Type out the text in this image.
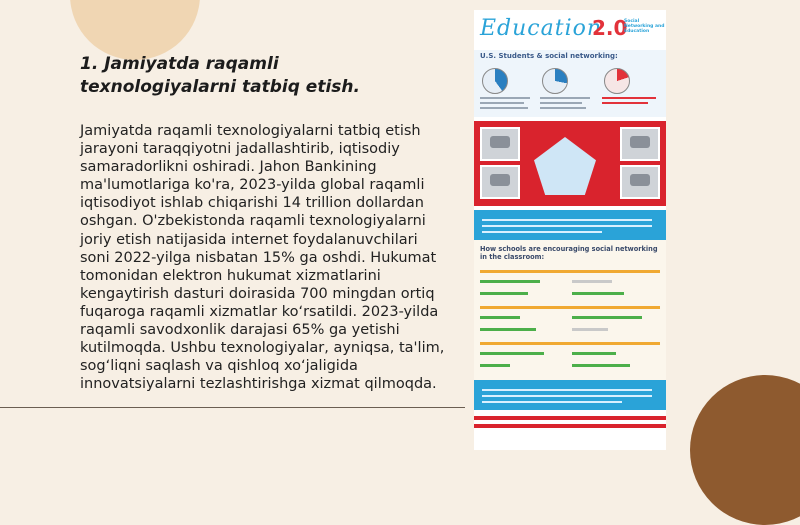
1. Jamiyatda raqamli texnologiyalarni tatbiq etish.

Jamiyatda raqamli texnologiyalarni tatbiq etish jarayoni taraqqiyotni jadallashtirib, iqtisodiy samaradorlikni oshiradi. Jahon Bankining ma'lumotlariga ko'ra, 2023-yilda global raqamli iqtisodiyot ishlab chiqarishi 14 trillion dollardan oshgan. O'zbekistonda raqamli texnologiyalarni joriy etish natijasida internet foydalanuvchilari soni 2022-yilga nisbatan 15% ga oshdi. Hukumat tomonidan elektron hukumat xizmatlarini kengaytirish dasturi doirasida 700 mingdan ortiq fuqaroga raqamli xizmatlar koʻrsatildi. 2023-yilda raqamli savodxonlik darajasi 65% ga yetishi kutilmoqda. Ushbu texnologiyalar, ayniqsa, ta'lim, sogʻliqni saqlash va qishloq xoʻjaligida innovatsiyalarni tezlashtirishga xizmat qilmoqda.

Education
2.0
Social Networking and Education
U.S. Students & social networking:
How schools are encouraging social networking in the classroom:
